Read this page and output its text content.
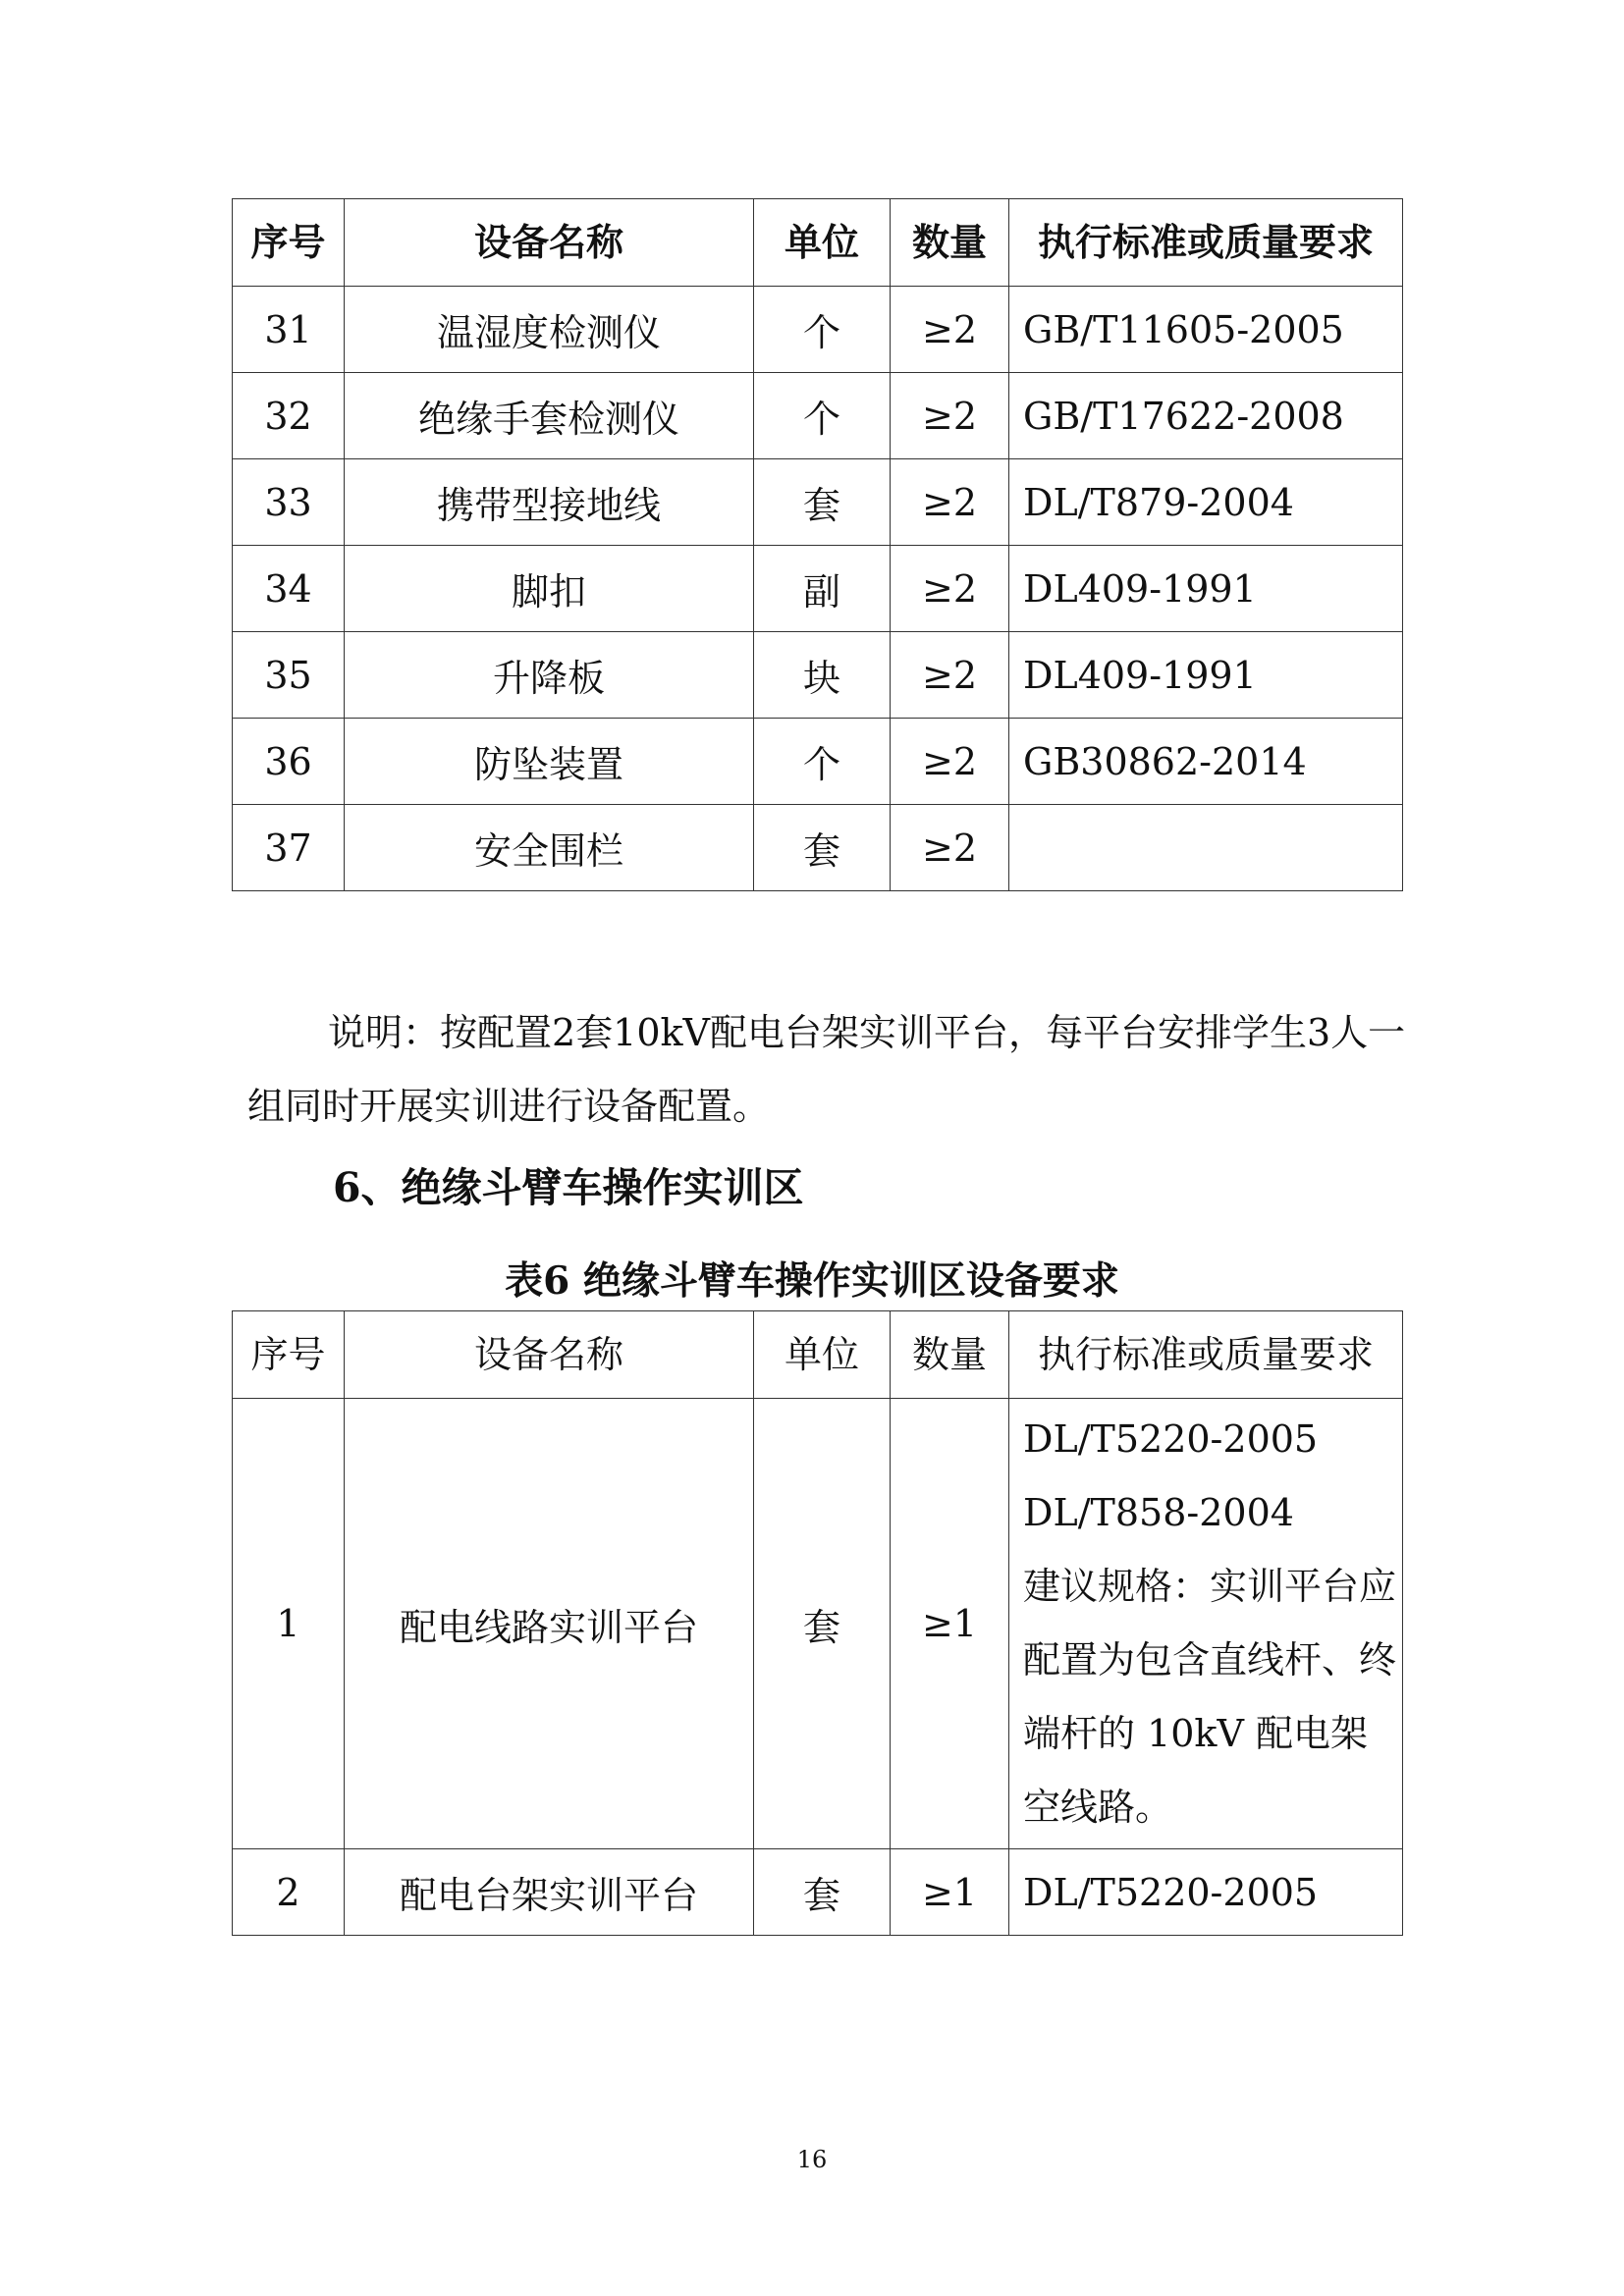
序号	设备名称	单位	数量	执行标准或质量要求
31	温湿度检测仪	个	≥2	GB/T11605-2005
32	绝缘手套检测仪	个	≥2	GB/T17622-2008
33	携带型接地线	套	≥2	DL/T879-2004
34	脚扣	副	≥2	DL409-1991
35	升降板	块	≥2	DL409-1991
36	防坠装置	个	≥2	GB30862-2014
37	安全围栏	套	≥2	
说明：按配置2套10kV配电台架实训平台，每平台安排学生3人一组同时开展实训进行设备配置。
6、绝缘斗臂车操作实训区
表6 绝缘斗臂车操作实训区设备要求
序号	设备名称	单位	数量	执行标准或质量要求
1	配电线路实训平台	套	≥1	DL/T5220-2005
DL/T858-2004
建议规格：实训平台应配置为包含直线杆、终端杆的 10kV 配电架空线路。
2	配电台架实训平台	套	≥1	DL/T5220-2005
16
